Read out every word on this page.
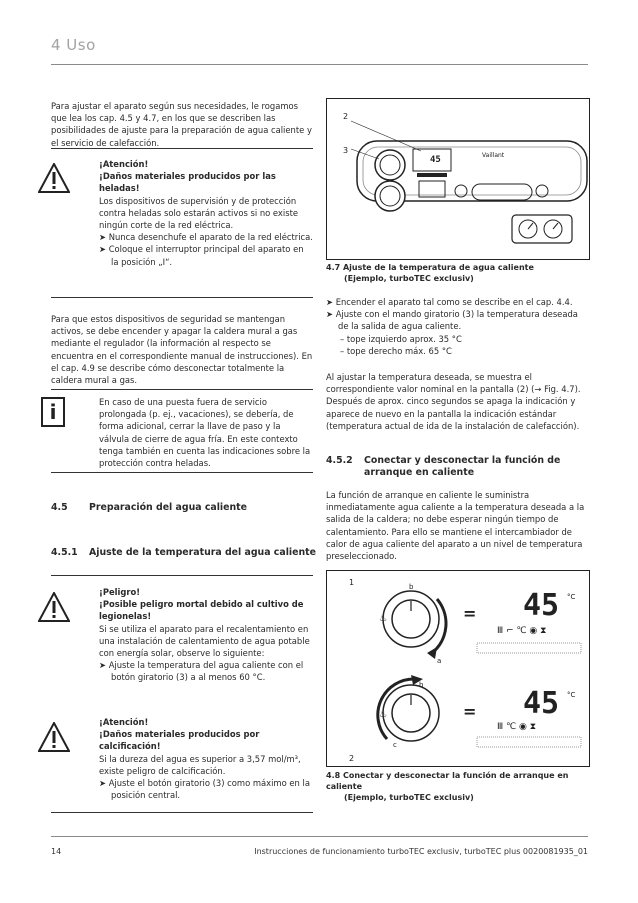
4 Uso

Para ajustar el aparato según sus necesidades, le rogamos que lea los cap. 4.5 y 4.7, en los que se describen las posibilidades de ajuste para la preparación de agua caliente y el servicio de calefacción.

¡Atención!

¡Daños materiales producidos por las heladas!

Los dispositivos de supervisión y de protección contra heladas solo estarán activos si no existe ningún corte de la red eléctrica.

➤ Nunca desenchufe el aparato de la red eléctrica.

➤ Coloque el interruptor principal del aparato en la posición „I“.

Para que estos dispositivos de seguridad se mantengan activos, se debe encender y apagar la caldera mural a gas mediante el regulador (la información al respecto se encuentra en el correspondiente manual de instrucciones). En el cap. 4.9 se describe cómo desconectar totalmente la caldera mural a gas.

i	En caso de una puesta fuera de servicio prolongada (p. ej., vacaciones), se debería, de forma adicional, cerrar la llave de paso y la válvula de cierre de agua fría. En este contexto tenga también en cuenta las indicaciones sobre la protección contra heladas.

4.5 Preparación del agua caliente
4.5.1 Ajuste de la temperatura del agua caliente

¡Peligro!

¡Posible peligro mortal debido al cultivo de legionelas!

Si se utiliza el aparato para el recalentamiento en una instalación de calentamiento de agua potable con energía solar, observe lo siguiente:

➤ Ajuste la temperatura del agua caliente con el botón giratorio (3) a al menos 60 °C.

¡Atención!

¡Daños materiales producidos por calcificación!

Si la dureza del agua es superior a 3,57 mol/m³, existe peligro de calcificación.

➤ Ajuste el botón giratorio (3) como máximo en la posición central.

45	Vaillant
2
3

4.7 Ajuste de la temperatura de agua caliente

(Ejemplo, turboTEC exclusiv)

➤ Encender el aparato tal como se describe en el cap. 4.4.

➤ Ajuste con el mando giratorio (3) la temperatura deseada de la salida de agua caliente.

– tope izquierdo aprox. 35 °C

– tope derecho máx. 65 °C

Al ajustar la temperatura deseada, se muestra el correspondiente valor nominal en la pantalla (2) (→ Fig. 4.7). Después de aprox. cinco segundos se apaga la indicación y aparece de nuevo en la pantalla la indicación estándar (temperatura actual de ida de la instalación de calefacción).

4.5.2 Conectar y desconectar la función de arranque en caliente

La función de arranque en caliente le suministra inmediatamente agua caliente a la temperatura deseada a la salida de la caldera; no debe esperar ningún tiempo de calentamiento. Para ello se mantiene el intercambiador de calor de agua caliente del aparato a un nivel de temperatura preseleccionado.

♨
1	b
a
= 45 °C
Ⅲ ⌐ ℃ ◉ ⧗
♨
b
c
2
= 45 °C
Ⅲ ℃ ◉ ⧗

4.8 Conectar y desconectar la función de arranque en caliente

(Ejemplo, turboTEC exclusiv)

14	Instrucciones de funcionamiento turboTEC exclusiv, turboTEC plus 0020081935_01
